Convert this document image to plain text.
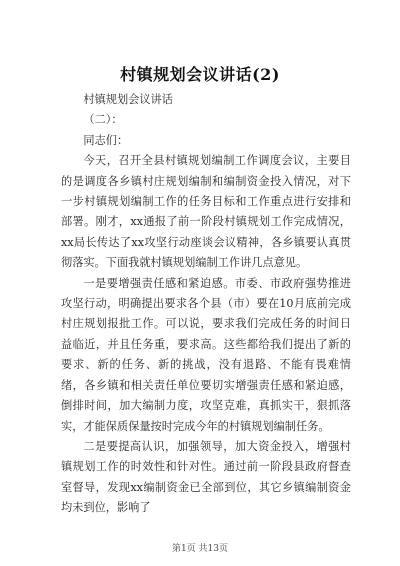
村镇规划会议讲话(2)

村镇规划会议讲话

（二）：

同志们：

今天，召开全县村镇规划编制工作调度会议，主要目的是调度各乡镇村庄规划编制和编制资金投入情况，对下一步村镇规划编制工作的任务目标和工作重点进行安排和部署。刚才，xx通报了前一阶段村镇规划工作完成情况，xx局长传达了xx攻坚行动座谈会议精神，各乡镇要认真贯彻落实。下面我就村镇规划编制工作讲几点意见。

一是要增强责任感和紧迫感。市委、市政府强势推进攻坚行动，明确提出要求各个县（市）要在10月底前完成村庄规划报批工作。可以说，要求我们完成任务的时间日益临近，并且任务重，要求高。这些都给我们提出了新的要求、新的任务、新的挑战，没有退路、不能有畏难情绪，各乡镇和相关责任单位要切实增强责任感和紧迫感，倒排时间，加大编制力度，攻坚克难，真抓实干，狠抓落实，才能保质保量按时完成今年的村镇规划编制任务。

二是要提高认识，加强领导，加大资金投入，增强村镇规划工作的时效性和针对性。通过前一阶段县政府督查室督导，发现xx编制资金已全部到位，其它乡镇编制资金均未到位，影响了

第1页 共13页
